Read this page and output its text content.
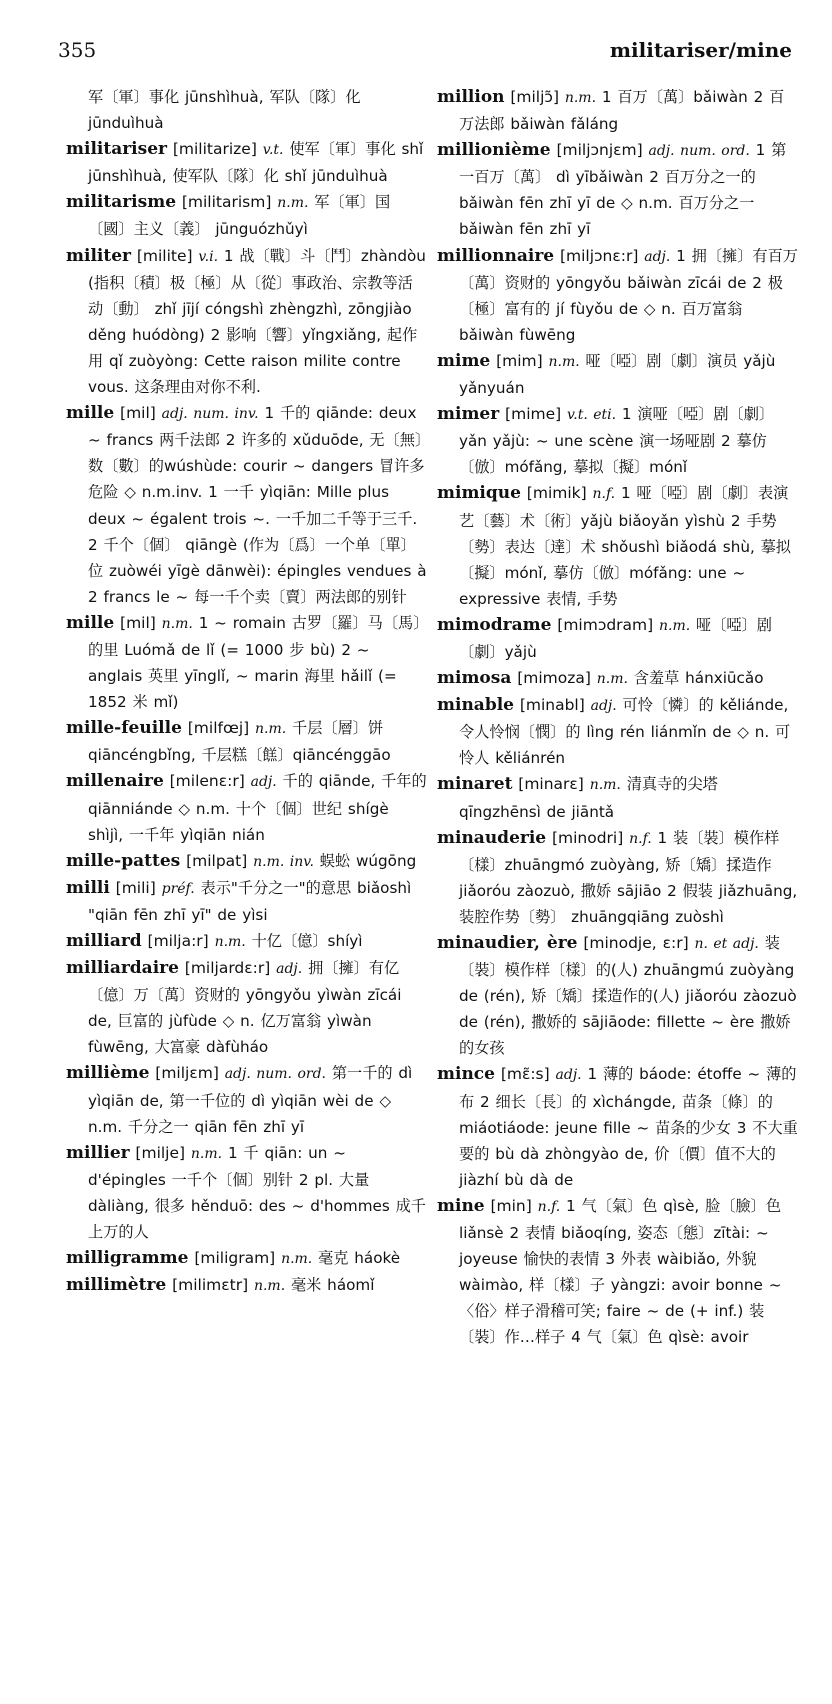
355	militariser/mine
军〔軍〕事化 jūnshìhuà, 军队〔隊〕化 jūnduìhuà
militariser [militarize] v.t. 使军〔軍〕事化 shǐ jūnshìhuà, 使军队〔隊〕化 shǐ jūnduìhuà
militarisme [militarism] n.m. 军〔軍〕国〔國〕主义〔義〕 jūnguózhǔyì
militer [milite] v.i. 1 战〔戰〕斗〔鬥〕zhàndòu (指积〔積〕极〔極〕从〔從〕事政治、宗教等活动〔動〕 zhǐ jījí cóngshì zhèngzhì, zōngjiào děng huódòng) 2 影响〔響〕yǐngxiǎng, 起作用 qǐ zuòyòng: Cette raison milite contre vous. 这条理由对你不利.
mille [mil] adj. num. inv. 1 千的 qiānde: deux ~ francs 两千法郎 2 许多的 xǔduōde, 无〔無〕数〔數〕的wúshùde: courir ~ dangers 冒许多危险 ◇ n.m.inv. 1 一千 yìqiān: Mille plus deux ~ égalent trois ~. 一千加二千等于三千. 2 千个〔個〕 qiāngè (作为〔爲〕一个单〔單〕位 zuòwéi yīgè dānwèi): épingles vendues à 2 francs le ~ 每一千个卖〔賣〕两法郎的别针
mille [mil] n.m. 1 ~ romain 古罗〔羅〕马〔馬〕的里 Luómǎ de lǐ (= 1000 步 bù) 2 ~ anglais 英里 yīnglǐ, ~ marin 海里 hǎilǐ (= 1852 米 mǐ)
mille-feuille [milfœj] n.m. 千层〔層〕饼 qiāncéngbǐng, 千层糕〔餻〕qiāncénggāo
millenaire [milenɛ:r] adj. 千的 qiānde, 千年的 qiānniánde ◇ n.m. 十个〔個〕世纪 shígè shìjì, 一千年 yìqiān nián
mille-pattes [milpat] n.m. inv. 蜈蚣 wúgōng
milli [mili] préf. 表示"千分之一"的意思 biǎoshì "qiān fēn zhī yī" de yìsi
milliard [milja:r] n.m. 十亿〔億〕shíyì
milliardaire [miljardɛ:r] adj. 拥〔擁〕有亿〔億〕万〔萬〕资财的 yōngyǒu yìwàn zīcái de, 巨富的 jùfùde ◇ n. 亿万富翁 yìwàn fùwēng, 大富豪 dàfùháo
millième [miljɛm] adj. num. ord. 第一千的 dì yìqiān de, 第一千位的 dì yìqiān wèi de ◇ n.m. 千分之一 qiān fēn zhī yī
millier [milje] n.m. 1 千 qiān: un ~ d'épingles 一千个〔個〕别针 2 pl. 大量 dàliàng, 很多 hěnduō: des ~ d'hommes 成千上万的人
milligramme [miligram] n.m. 毫克 háokè
millimètre [milimɛtr] n.m. 毫米 háomǐ
million [miljɔ̃] n.m. 1 百万〔萬〕bǎiwàn 2 百万法郎 bǎiwàn fǎláng
millionième [miljɔnjɛm] adj. num. ord. 1 第一百万〔萬〕 dì yībǎiwàn 2 百万分之一的 bǎiwàn fēn zhī yī de ◇ n.m. 百万分之一 bǎiwàn fēn zhī yī
millionnaire [miljɔnɛ:r] adj. 1 拥〔擁〕有百万〔萬〕资财的 yōngyǒu bǎiwàn zīcái de 2 极〔極〕富有的 jí fùyǒu de ◇ n. 百万富翁 bǎiwàn fùwēng
mime [mim] n.m. 哑〔啞〕剧〔劇〕演员 yǎjù yǎnyuán
mimer [mime] v.t. eti. 1 演哑〔啞〕剧〔劇〕yǎn yǎjù: ~ une scène 演一场哑剧 2 摹仿〔倣〕mófǎng, 摹拟〔擬〕mónǐ
mimique [mimik] n.f. 1 哑〔啞〕剧〔劇〕表演艺〔藝〕术〔術〕yǎjù biǎoyǎn yìshù 2 手势〔勢〕表达〔達〕术 shǒushì biǎodá shù, 摹拟〔擬〕mónǐ, 摹仿〔倣〕mófǎng: une ~ expressive 表情, 手势
mimodrame [mimɔdram] n.m. 哑〔啞〕剧〔劇〕yǎjù
mimosa [mimoza] n.m. 含羞草 hánxiūcǎo
minable [minabl] adj. 可怜〔憐〕的 kěliánde, 令人怜悯〔憫〕的 lìng rén liánmǐn de ◇ n. 可怜人 kěliánrén
minaret [minarɛ] n.m. 清真寺的尖塔 qīngzhēnsì de jiāntǎ
minauderie [minodri] n.f. 1 装〔裝〕模作样〔樣〕zhuāngmó zuòyàng, 矫〔矯〕揉造作 jiǎoróu zàozuò, 撒娇 sājiāo 2 假装 jiǎzhuāng, 装腔作势〔勢〕 zhuāngqiāng zuòshì
minaudier, ère [minodje, ɛ:r] n. et adj. 装〔裝〕模作样〔樣〕的(人) zhuāngmú zuòyàng de (rén), 矫〔矯〕揉造作的(人) jiǎoróu zàozuò de (rén), 撒娇的 sājiāode: fillette ~ ère 撒娇的女孩
mince [mɛ̃:s] adj. 1 薄的 báode: étoffe ~ 薄的布 2 细长〔長〕的 xìchángde, 苗条〔條〕的 miáotiáode: jeune fille ~ 苗条的少女 3 不大重要的 bù dà zhòngyào de, 价〔價〕值不大的 jiàzhí bù dà de
mine [min] n.f. 1 气〔氣〕色 qìsè, 脸〔臉〕色 liǎnsè 2 表情 biǎoqíng, 姿态〔態〕zītài: ~ joyeuse 愉快的表情 3 外表 wàibiǎo, 外貌 wàimào, 样〔樣〕子 yàngzi: avoir bonne ~ 〈俗〉样子滑稽可笑; faire ~ de (+ inf.) 装〔裝〕作…样子 4 气〔氣〕色 qìsè: avoir
